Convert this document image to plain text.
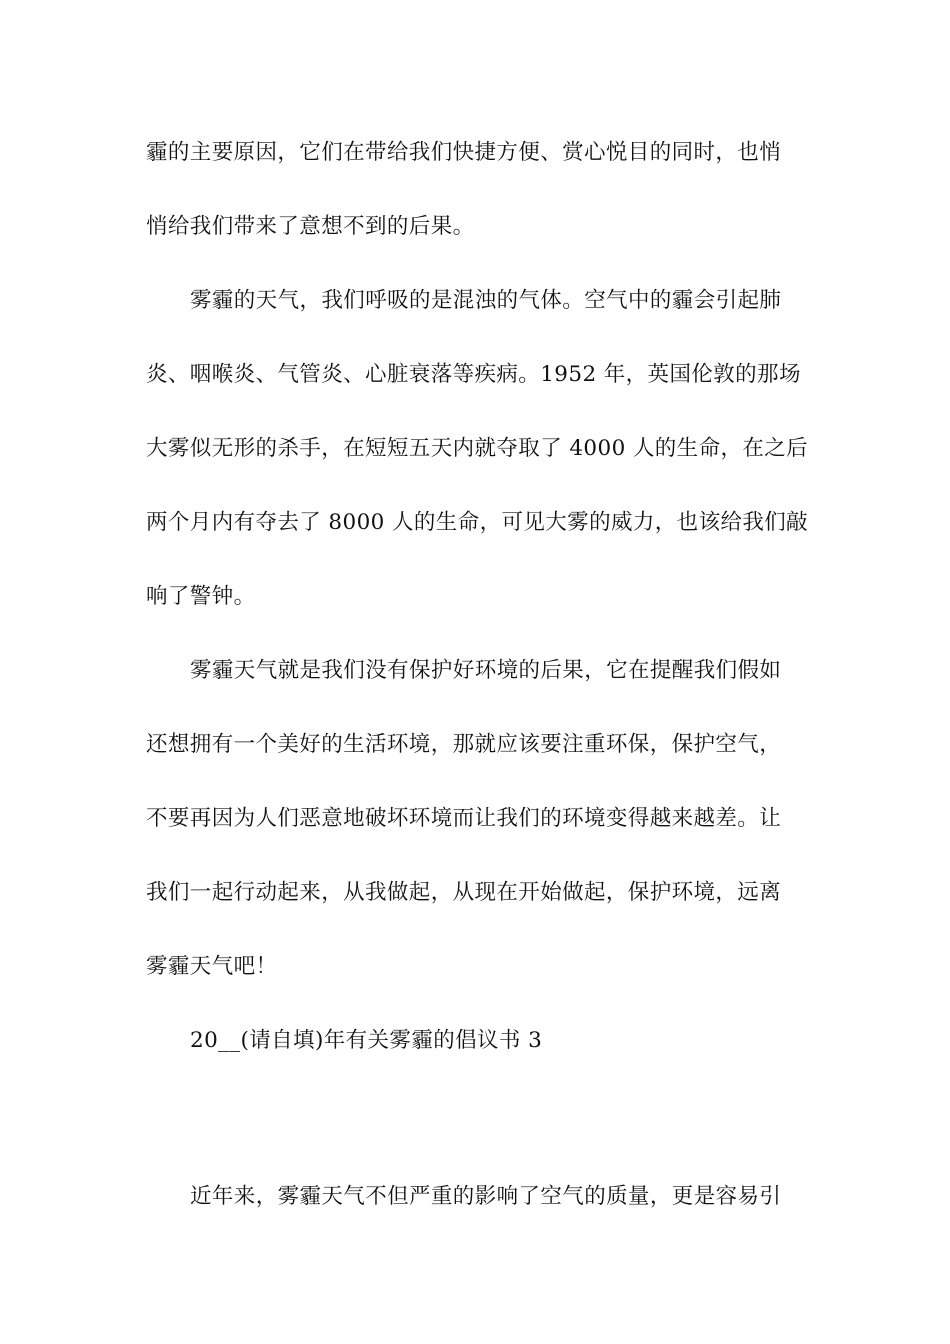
霾的主要原因，它们在带给我们快捷方便、赏心悦目的同时，也悄
悄给我们带来了意想不到的后果。
雾霾的天气，我们呼吸的是混浊的气体。空气中的霾会引起肺
炎、咽喉炎、气管炎、心脏衰落等疾病。1952 年，英国伦敦的那场
大雾似无形的杀手，在短短五天内就夺取了 4000 人的生命，在之后
两个月内有夺去了 8000 人的生命，可见大雾的威力，也该给我们敲
响了警钟。
雾霾天气就是我们没有保护好环境的后果，它在提醒我们假如
还想拥有一个美好的生活环境，那就应该要注重环保，保护空气，
不要再因为人们恶意地破坏环境而让我们的环境变得越来越差。让
我们一起行动起来，从我做起，从现在开始做起，保护环境，远离
雾霾天气吧！
20__(请自填)年有关雾霾的倡议书 3
近年来，雾霾天气不但严重的影响了空气的质量，更是容易引
